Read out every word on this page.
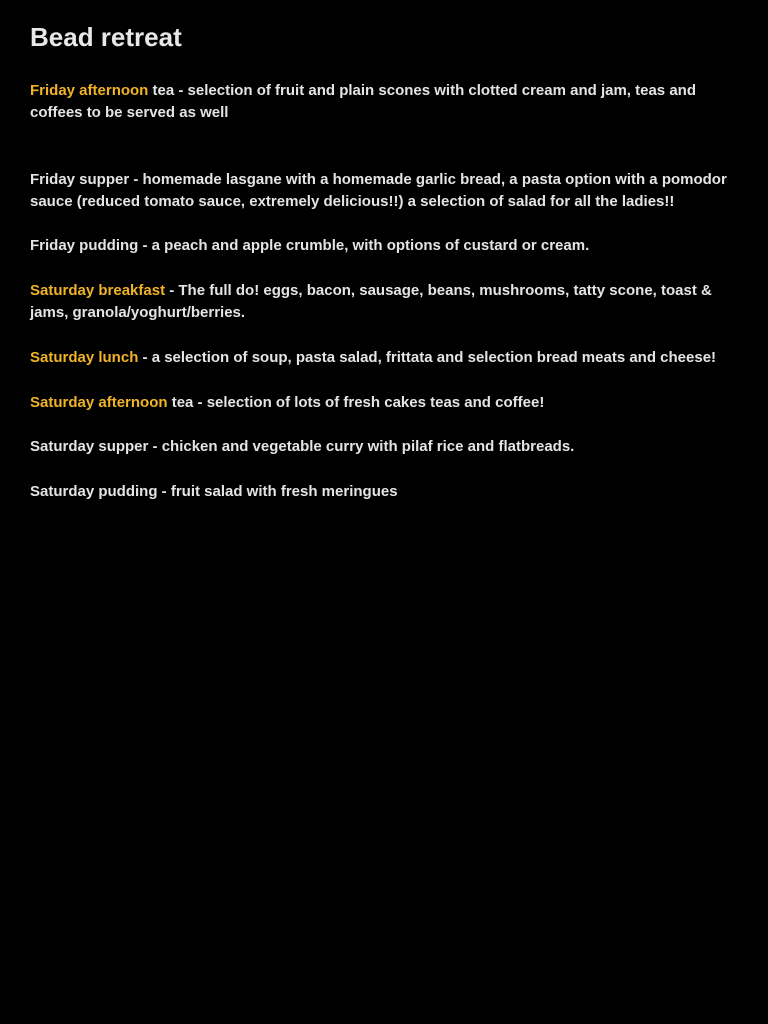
Bead retreat

Friday afternoon tea - selection of fruit and plain scones with clotted cream and jam, teas and coffees to be served as well

Friday supper - homemade lasgane with a homemade garlic bread, a pasta option with a pomodor sauce (reduced tomato sauce, extremely delicious!!) a selection of salad for all the ladies!!

Friday pudding - a peach and apple crumble, with options of custard or cream.

Saturday breakfast - The full do! eggs, bacon, sausage, beans, mushrooms, tatty scone, toast & jams, granola/yoghurt/berries.

Saturday lunch - a selection of soup, pasta salad, frittata and selection bread meats and cheese!

Saturday afternoon tea - selection of lots of fresh cakes teas and coffee!

Saturday supper - chicken and vegetable curry with pilaf rice and flatbreads.

Saturday pudding - fruit salad with fresh meringues
